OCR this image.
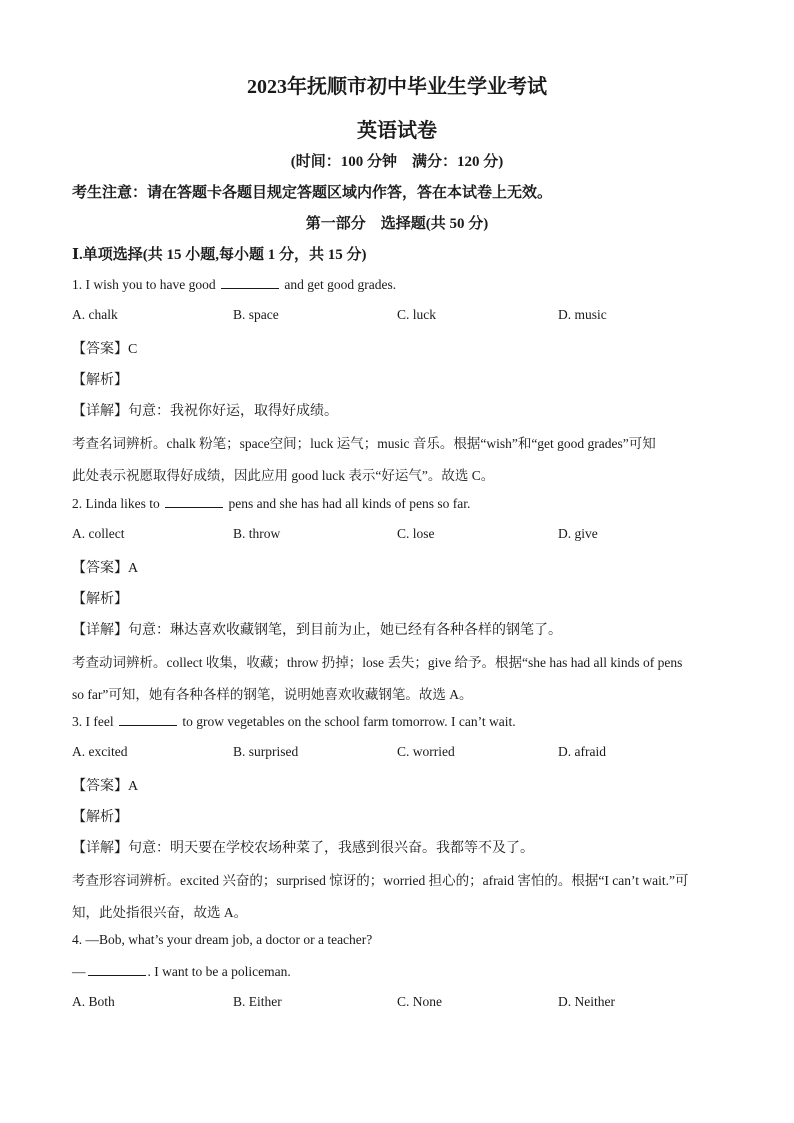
2023年抚顺市初中毕业生学业考试
英语试卷
(时间：100 分钟　满分：120 分)
考生注意：请在答题卡各题目规定答题区域内作答，答在本试卷上无效。
第一部分　选择题(共 50 分)
Ⅰ.单项选择(共 15 小题,每小题 1 分，共 15 分)
1. I wish you to have good	and get good grades.
A. chalk	B. space	C. luck	D. music
【答案】C
【解析】
【详解】句意：我祝你好运，取得好成绩。
考查名词辨析。chalk 粉笔；space空间；luck 运气；music 音乐。根据“wish”和“get good grades”可知
此处表示祝愿取得好成绩，因此应用 good luck 表示“好运气”。故选 C。
2. Linda likes to	pens and she has had all kinds of pens so far.
A. collect	B. throw	C. lose	D. give
【答案】A
【解析】
【详解】句意：琳达喜欢收藏钢笔，到目前为止，她已经有各种各样的钢笔了。
考查动词辨析。collect 收集，收藏；throw 扔掉；lose 丢失；give 给予。根据“she has had all kinds of pens
so far”可知，她有各种各样的钢笔，说明她喜欢收藏钢笔。故选 A。
3. I feel	to grow vegetables on the school farm tomorrow. I can’t wait.
A. excited	B. surprised	C. worried	D. afraid
【答案】A
【解析】
【详解】句意：明天要在学校农场种菜了，我感到很兴奋。我都等不及了。
考查形容词辨析。excited 兴奋的；surprised 惊讶的；worried 担心的；afraid 害怕的。根据“I can’t wait.”可
知，此处指很兴奋，故选 A。
4. —Bob, what’s your dream job, a doctor or a teacher?
—	. I want to be a policeman.
A. Both	B. Either	C. None	D. Neither
